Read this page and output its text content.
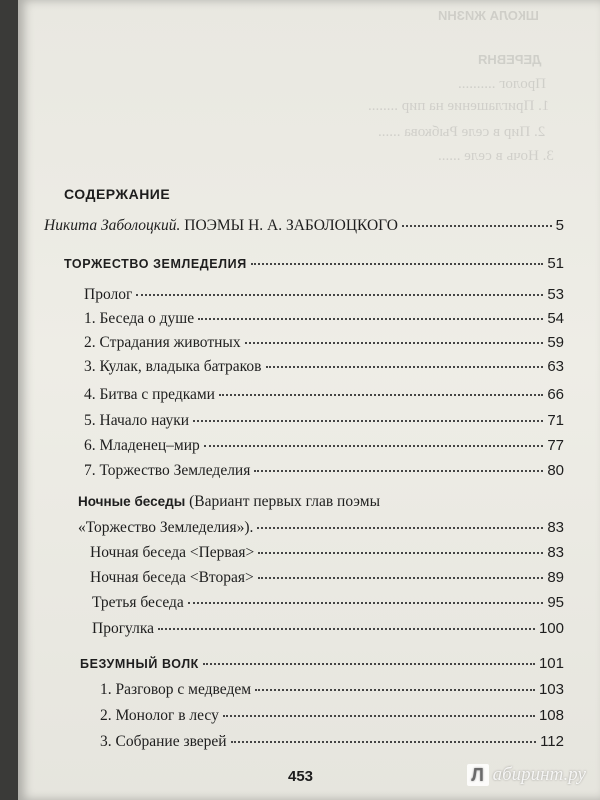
ШКОЛА ЖИЗНИ
ДЕРЕВНЯ
Пролог ..........
1. Приглашение на пир ........
2. Пир в селе Рыбкова ......
3. Ночь в селе ......
СОДЕРЖАНИЕ
Никита Заболоцкий. ПОЭМЫ Н. А. ЗАБОЛОЦКОГО	5
ТОРЖЕСТВО ЗЕМЛЕДЕЛИЯ	51
Пролог	53
1. Беседа о душе	54
2. Страдания животных	59
3. Кулак, владыка батраков	63
4. Битва с предками	66
5. Начало науки	71
6. Младенец–мир	77
7. Торжество Земледелия	80
Ночные беседы (Вариант первых глав поэмы
«Торжество Земледелия»).	83
Ночная беседа <Первая>	83
Ночная беседа <Вторая>	89
Третья беседа	95
Прогулка	100
БЕЗУМНЫЙ ВОЛК	101
1. Разговор с медведем	103
2. Монолог в лесу	108
3. Собрание зверей	112
453	Л абиринт.ру
